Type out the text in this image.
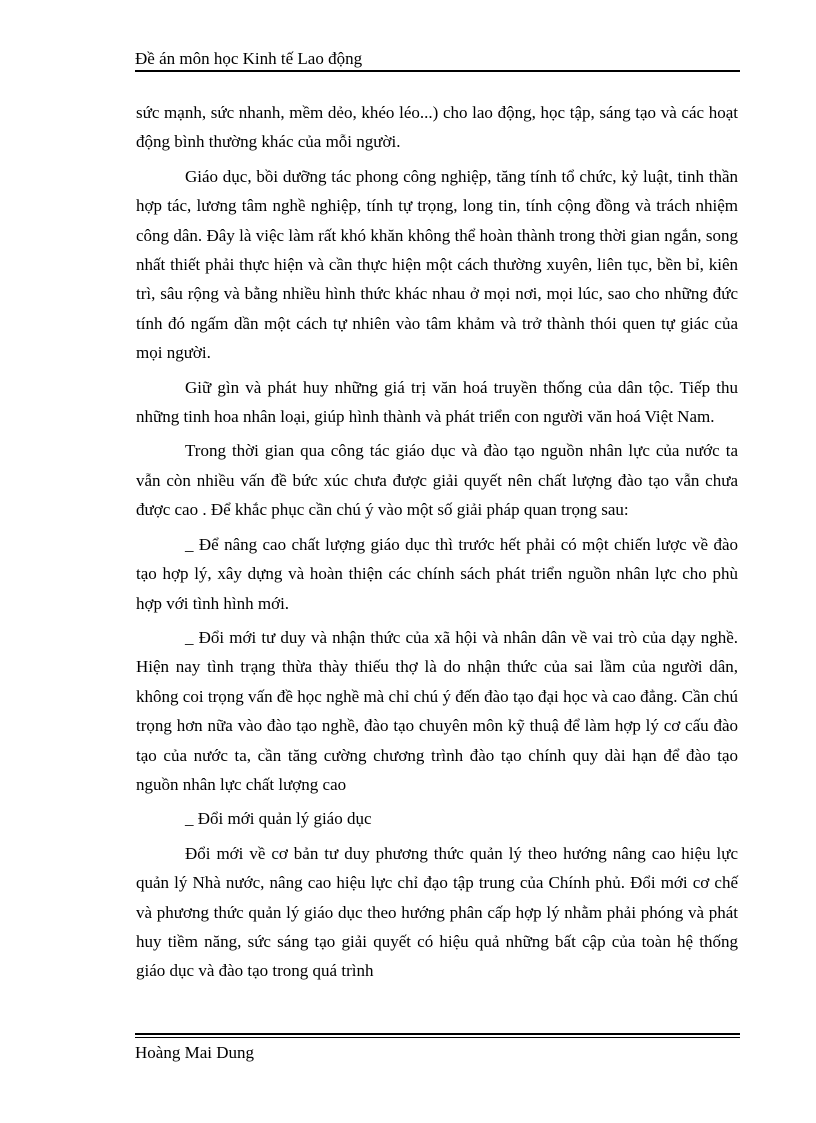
Đề án môn học Kinh tế Lao động

sức mạnh, sức nhanh, mềm dẻo, khéo léo...) cho lao động, học tập, sáng tạo và các hoạt động bình thường khác của mỗi người.

Giáo dục, bồi dưỡng tác phong công nghiệp, tăng tính tổ chức, kỷ luật, tinh thần hợp tác, lương tâm nghề nghiệp, tính tự trọng, long tin, tính cộng đồng và trách nhiệm công dân. Đây là việc làm rất khó khăn không thể hoàn thành trong thời gian ngắn, song nhất thiết phải thực hiện và cần thực hiện một cách thường xuyên, liên tục, bền bỉ, kiên trì, sâu rộng và bằng nhiều hình thức khác nhau ở mọi nơi, mọi lúc, sao cho những đức tính đó ngấm dần một cách tự nhiên vào tâm khảm và trở thành thói quen tự giác của mọi người.

Giữ gìn và phát huy những giá trị văn hoá truyền thống của dân tộc. Tiếp thu những tinh hoa nhân loại, giúp hình thành và phát triển con người văn hoá Việt Nam.

Trong thời gian qua công tác giáo dục và đào tạo nguồn nhân lực của nước ta vẫn còn nhiều vấn đề bức xúc chưa được giải quyết nên chất lượng đào tạo vẫn chưa được cao . Để khắc phục cần chú ý vào một số giải pháp quan trọng sau:

_ Để nâng cao chất lượng giáo dục thì trước hết phải có một chiến lược về đào tạo hợp lý, xây dựng và hoàn thiện các chính sách phát triển nguồn nhân lực cho phù hợp với tình hình mới.

_ Đổi mới tư duy và nhận thức của xã hội và nhân dân về vai trò của dạy nghề. Hiện nay tình trạng thừa thày thiếu thợ là do nhận thức của sai lầm của người dân, không coi trọng vấn đề học nghề mà chỉ chú ý đến đào tạo đại học và cao đẳng. Cần chú trọng hơn nữa vào đào tạo nghề, đào tạo chuyên môn kỹ thuậ để làm hợp lý cơ cấu đào tạo của nước ta, cần tăng cường chương trình đào tạo chính quy dài hạn để đào tạo nguồn nhân lực chất lượng cao

_ Đổi mới quản lý giáo dục

Đổi mới về cơ bản tư duy phương thức quản lý theo hướng nâng cao hiệu lực quản lý Nhà nước, nâng cao hiệu lực chỉ đạo tập trung của Chính phủ. Đổi mới cơ chế và phương thức quản lý giáo dục theo hướng phân cấp hợp lý nhằm phải phóng và phát huy tiềm năng, sức sáng tạo giải quyết có hiệu quả những bất cập của toàn hệ thống giáo dục và đào tạo trong quá trình

Hoàng Mai Dung
